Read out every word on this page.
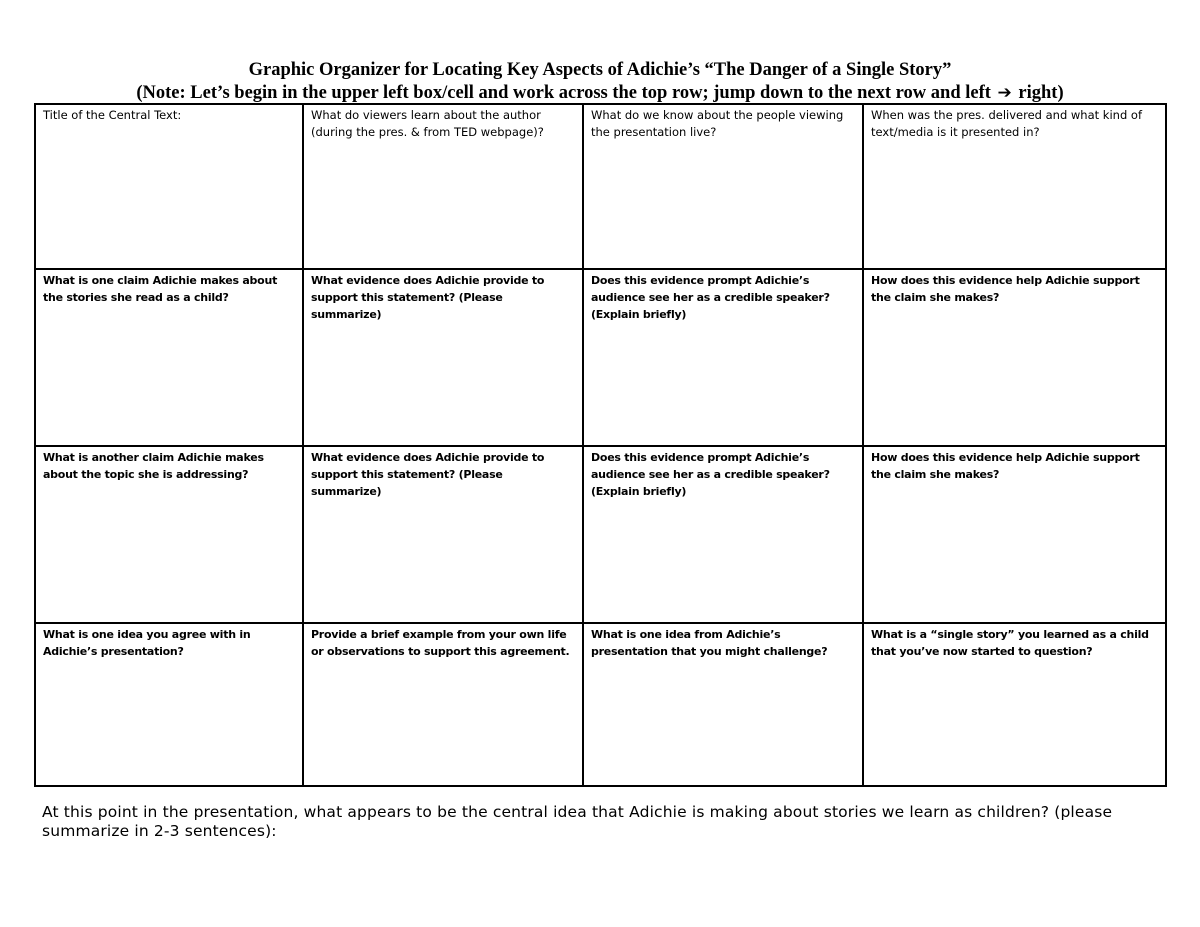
Graphic Organizer for Locating Key Aspects of Adichie’s “The Danger of a Single Story”
(Note: Let’s begin in the upper left box/cell and work across the top row; jump down to the next row and left ➔ right)
Title of the Central Text:	What do viewers learn about the author (during the pres. & from TED webpage)?	What do we know about the people viewing the presentation live?	When was the pres. delivered and what kind of text/media is it presented in?
What is one claim Adichie makes about the stories she read as a child?	What evidence does Adichie provide to support this statement? (Please summarize)	Does this evidence prompt Adichie’s audience see her as a credible speaker? (Explain briefly)	How does this evidence help Adichie support the claim she makes?
What is another claim Adichie makes about the topic she is addressing?	What evidence does Adichie provide to support this statement? (Please summarize)	Does this evidence prompt Adichie’s audience see her as a credible speaker? (Explain briefly)	How does this evidence help Adichie support the claim she makes?
What is one idea you agree with in Adichie’s presentation?	Provide a brief example from your own life or observations to support this agreement.	What is one idea from Adichie’s presentation that you might challenge?	What is a “single story” you learned as a child that you’ve now started to question?
At this point in the presentation, what appears to be the central idea that Adichie is making about stories we learn as children? (please summarize in 2-3 sentences):
